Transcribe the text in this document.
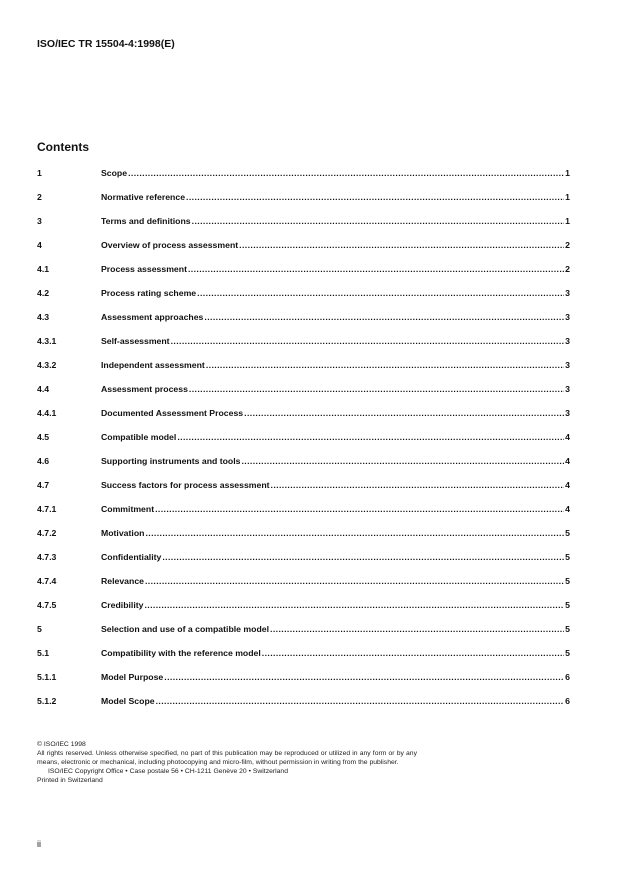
ISO/IEC TR 15504-4:1998(E)
Contents
1	Scope .....	1
2	Normative reference .....	1
3	Terms and definitions .....	1
4	Overview of process assessment .....	2
4.1	Process assessment .....	2
4.2	Process rating scheme .....	3
4.3	Assessment approaches .....	3
4.3.1	Self-assessment .....	3
4.3.2	Independent assessment .....	3
4.4	Assessment process .....	3
4.4.1	Documented Assessment Process .....	3
4.5	Compatible model .....	4
4.6	Supporting instruments and tools .....	4
4.7	Success factors for process assessment .....	4
4.7.1	Commitment .....	4
4.7.2	Motivation .....	5
4.7.3	Confidentiality .....	5
4.7.4	Relevance .....	5
4.7.5	Credibility .....	5
5	Selection and use of a compatible model .....	5
5.1	Compatibility with the reference model .....	5
5.1.1	Model Purpose .....	6
5.1.2	Model Scope .....	6

© ISO/IEC 1998

All rights reserved. Unless otherwise specified, no part of this publication may be reproduced or utilized in any form or by any means, electronic or mechanical, including photocopying and micro-film, without permission in writing from the publisher.

ISO/IEC Copyright Office • Case postale 56 • CH-1211 Genève 20 • Switzerland

Printed in Switzerland

ii
